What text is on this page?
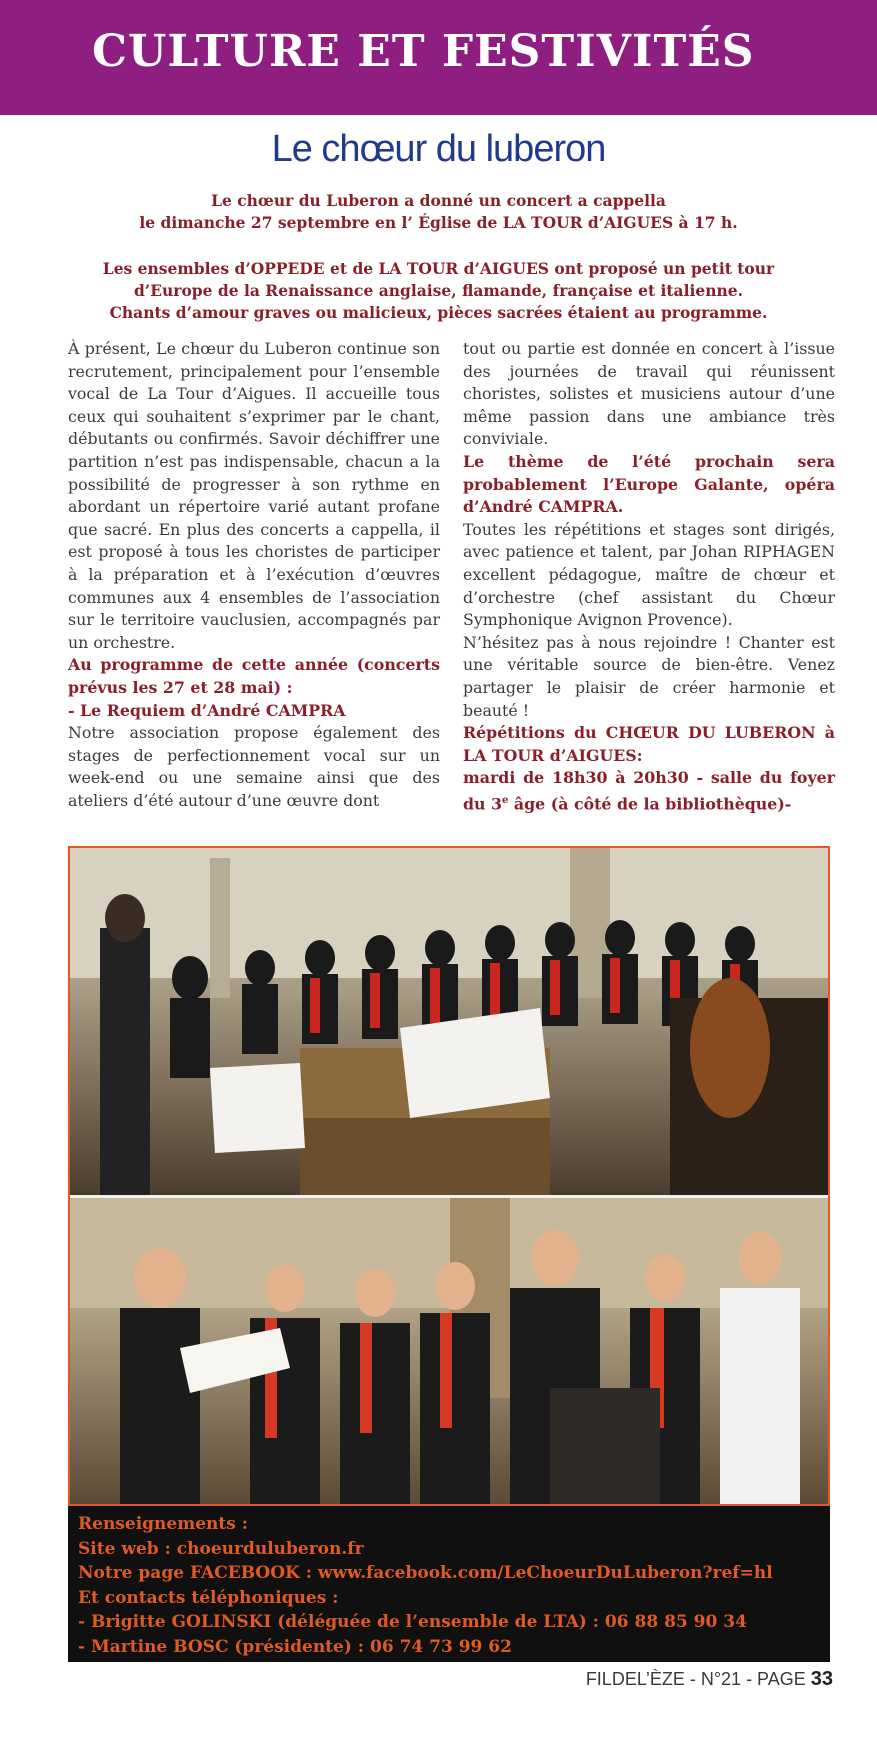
CULTURE ET FESTIVITÉS
Le chœur du luberon

Le chœur du Luberon a donné un concert a cappella

le dimanche 27 septembre en l’ Église de LA TOUR d’AIGUES à 17 h.

Les ensembles d’OPPEDE et de LA TOUR d’AIGUES ont proposé un petit tour

d’Europe de la Renaissance anglaise, flamande, française et italienne.

Chants d’amour graves ou malicieux, pièces sacrées étaient au programme.

À présent, Le chœur du Luberon continue son recrutement, principalement pour l’ensemble vocal de La Tour d’Aigues. Il accueille tous ceux qui souhaitent s’exprimer par le chant, débutants ou confirmés. Savoir déchiffrer une partition n’est pas indispensable, chacun a la possibilité de progresser à son rythme en abordant un répertoire varié autant profane que sacré. En plus des concerts a cappella, il est proposé à tous les choristes de participer à la préparation et à l’exécution d’œuvres communes aux 4 ensembles de l’association sur le territoire vauclusien, accompagnés par un orchestre.

Au programme de cette année (concerts prévus les 27 et 28 mai) :

- Le Requiem d’André CAMPRA

Notre association propose également des stages de perfectionnement vocal sur un week-end ou une semaine ainsi que des ateliers d’été autour d’une œuvre dont

tout ou partie est donnée en concert à l’issue des journées de travail qui réunissent choristes, solistes et musiciens autour d’une même passion dans une ambiance très conviviale.

Le thème de l’été prochain sera probablement l’Europe Galante, opéra d’André CAMPRA.

Toutes les répétitions et stages sont dirigés, avec patience et talent, par Johan RIPHAGEN excellent pédagogue, maître de chœur et d’orchestre (chef assistant du Chœur Symphonique Avignon Provence).

N’hésitez pas à nous rejoindre ! Chanter est une véritable source de bien-être. Venez partager le plaisir de créer harmonie et beauté !

Répétitions du CHŒUR DU LUBERON à LA TOUR d’AIGUES:

mardi de 18h30 à 20h30 - salle du foyer du 3e âge (à côté de la bibliothèque)-

Renseignements :

Site web : choeurduluberon.fr

Notre page FACEBOOK : www.facebook.com/LeChoeurDuLuberon?ref=hl

Et contacts téléphoniques :

- Brigitte GOLINSKI (déléguée de l’ensemble de LTA) : 06 88 85 90 34

- Martine BOSC (présidente) : 06 74 73 99 62

FILDEL’ÈZE - N°21 - PAGE 33
